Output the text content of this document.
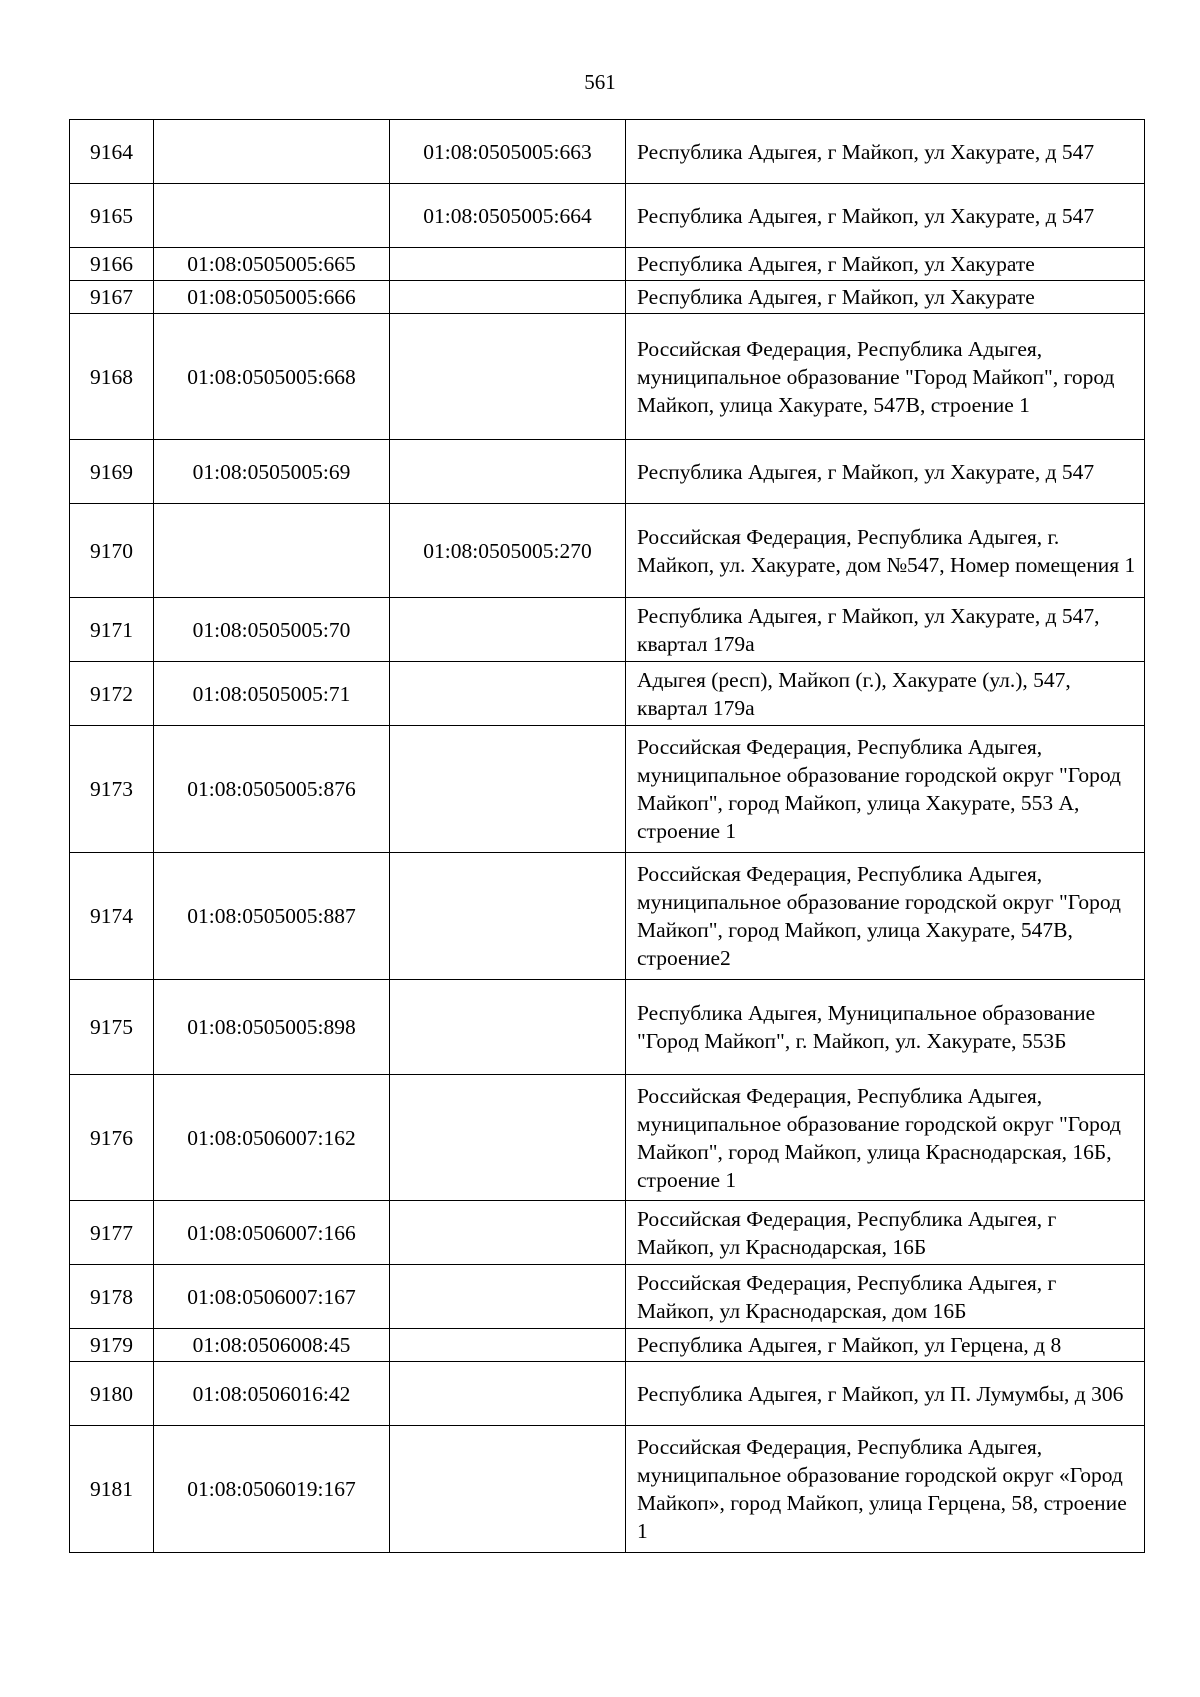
561
9164		01:08:0505005:663	Республика Адыгея, г Майкоп, ул Хакурате, д 547
9165		01:08:0505005:664	Республика Адыгея, г Майкоп, ул Хакурате, д 547
9166	01:08:0505005:665		Республика Адыгея, г Майкоп, ул Хакурате
9167	01:08:0505005:666		Республика Адыгея, г Майкоп, ул Хакурате
9168	01:08:0505005:668		Российская Федерация, Республика Адыгея, муниципальное образование "Город Майкоп", город Майкоп, улица Хакурате, 547В, строение 1
9169	01:08:0505005:69		Республика Адыгея, г Майкоп, ул Хакурате, д 547
9170		01:08:0505005:270	Российская Федерация, Республика Адыгея, г. Майкоп, ул. Хакурате, дом №547, Номер помещения 1
9171	01:08:0505005:70		Республика Адыгея, г Майкоп, ул Хакурате, д 547, квартал 179а
9172	01:08:0505005:71		Адыгея (респ), Майкоп (г.), Хакурате (ул.), 547, квартал 179а
9173	01:08:0505005:876		Российская Федерация, Республика Адыгея, муниципальное образование городской округ "Город Майкоп", город Майкоп, улица Хакурате, 553 А, строение 1
9174	01:08:0505005:887		Российская Федерация, Республика Адыгея, муниципальное образование городской округ "Город Майкоп", город Майкоп, улица Хакурате, 547В, строение2
9175	01:08:0505005:898		Республика Адыгея, Муниципальное образование "Город Майкоп", г. Майкоп, ул. Хакурате, 553Б
9176	01:08:0506007:162		Российская Федерация, Республика Адыгея, муниципальное образование городской округ "Город Майкоп", город Майкоп, улица Краснодарская, 16Б, строение 1
9177	01:08:0506007:166		Российская Федерация, Республика Адыгея, г Майкоп, ул Краснодарская, 16Б
9178	01:08:0506007:167		Российская Федерация, Республика Адыгея, г Майкоп, ул Краснодарская, дом 16Б
9179	01:08:0506008:45		Республика Адыгея, г Майкоп, ул Герцена, д 8
9180	01:08:0506016:42		Республика Адыгея, г Майкоп, ул П. Лумумбы, д 306
9181	01:08:0506019:167		Российская Федерация, Республика Адыгея, муниципальное образование городской округ «Город Майкоп», город Майкоп, улица Герцена, 58, строение 1
